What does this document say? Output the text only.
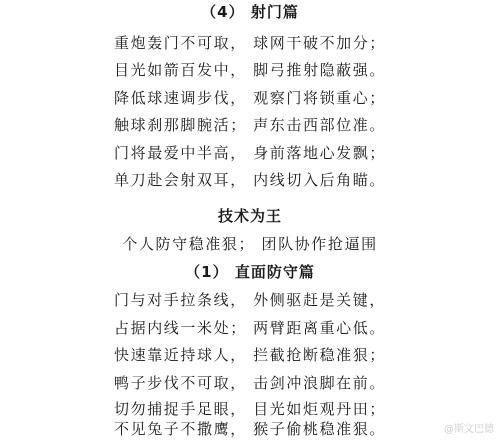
（4） 射门篇
重炮轰门不可取， 球网干破不加分；
目光如箭百发中， 脚弓推射隐蔽强。
降低球速调步伐， 观察门将锁重心；
触球刹那脚腕活； 声东击西部位准。
门将最爱中半高， 身前落地心发飘；
单刀赴会射双耳， 内线切入后角瞄。
技术为王
个人防守稳准狠； 团队协作抢逼围
（1） 直面防守篇
门与对手拉条线， 外侧驱赶是关键，
占据内线一米处； 两臂距离重心低。
快速靠近持球人， 拦截抢断稳准狠；
鸭子步伐不可取， 击剑冲浪脚在前。
切勿捕捉手足眼， 目光如炬观丹田；
不见兔子不撒鹰， 猴子偷桃稳准狠。	@斯文巴德
